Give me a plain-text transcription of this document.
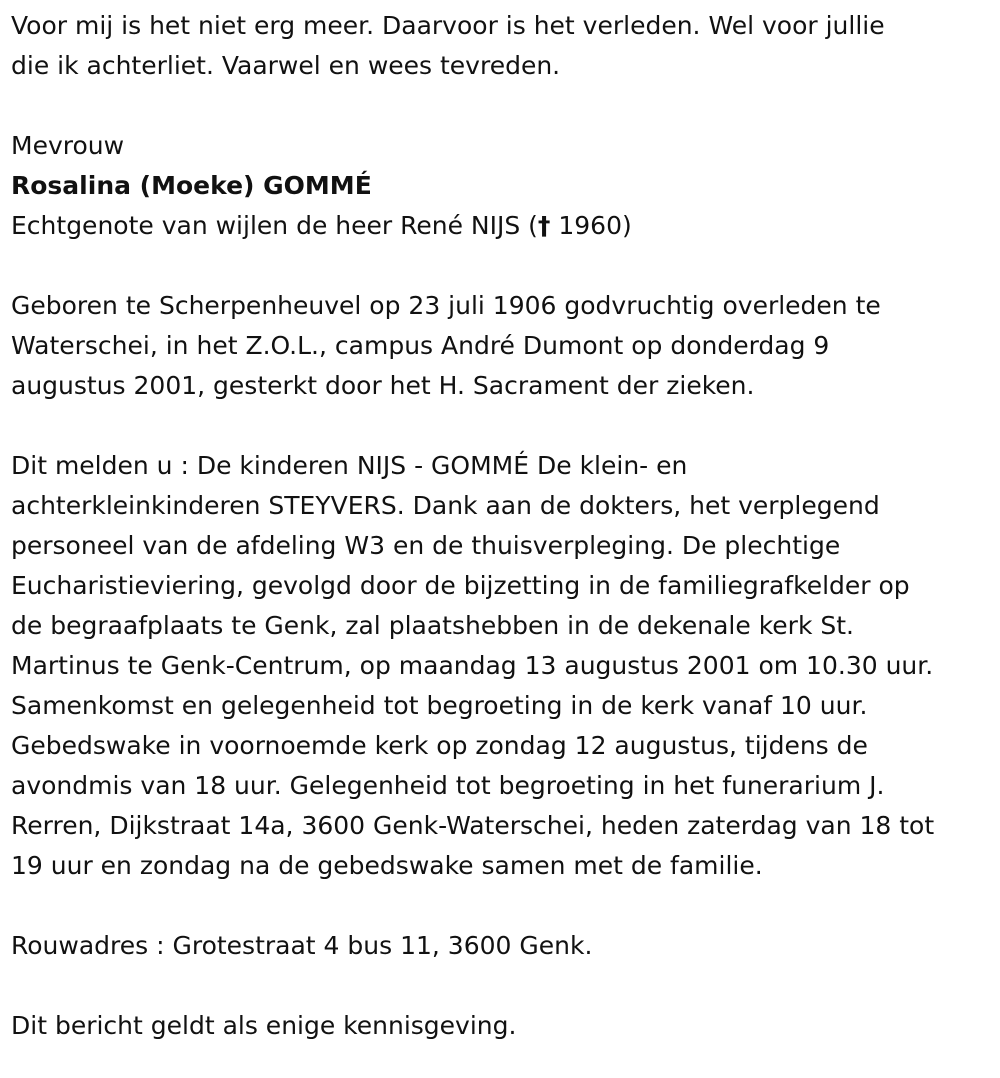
Voor mij is het niet erg meer. Daarvoor is het verleden. Wel voor jullie
die ik achterliet. Vaarwel en wees tevreden.
Mevrouw
Rosalina (Moeke) GOMMÉ
Echtgenote van wijlen de heer René NIJS († 1960)
Geboren te Scherpenheuvel op 23 juli 1906 godvruchtig overleden te
Waterschei, in het Z.O.L., campus André Dumont op donderdag 9
augustus 2001, gesterkt door het H. Sacrament der zieken.
Dit melden u : De kinderen NIJS - GOMMÉ De klein- en
achterkleinkinderen STEYVERS. Dank aan de dokters, het verplegend
personeel van de afdeling W3 en de thuisverpleging. De plechtige
Eucharistieviering, gevolgd door de bijzetting in de familiegrafkelder op
de begraafplaats te Genk, zal plaatshebben in de dekenale kerk St.
Martinus te Genk-Centrum, op maandag 13 augustus 2001 om 10.30 uur.
Samenkomst en gelegenheid tot begroeting in de kerk vanaf 10 uur.
Gebedswake in voornoemde kerk op zondag 12 augustus, tijdens de
avondmis van 18 uur. Gelegenheid tot begroeting in het funerarium J.
Rerren, Dijkstraat 14a, 3600 Genk-Waterschei, heden zaterdag van 18 tot
19 uur en zondag na de gebedswake samen met de familie.
Rouwadres : Grotestraat 4 bus 11, 3600 Genk.
Dit bericht geldt als enige kennisgeving.
